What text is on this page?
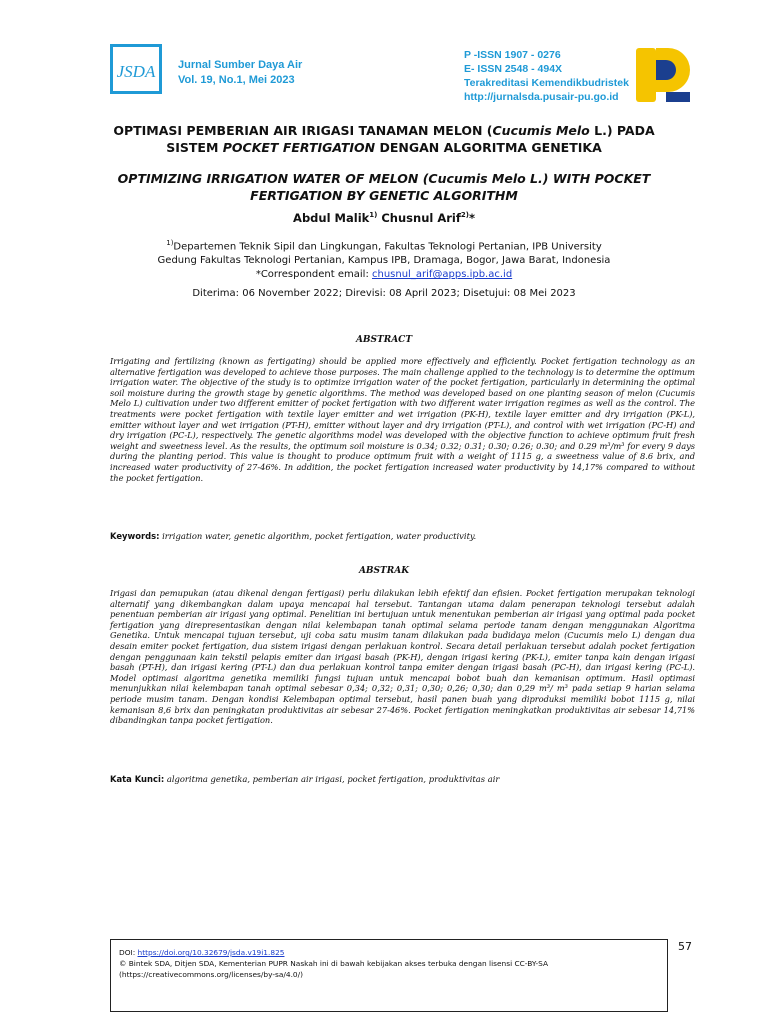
JSDA Jurnal Sumber Daya Air
Vol. 19, No.1, Mei 2023
P -ISSN 1907 - 0276
E- ISSN 2548 - 494X
Terakreditasi Kemendikbudristek
http://jurnalsda.pusair-pu.go.id
OPTIMASI PEMBERIAN AIR IRIGASI TANAMAN MELON (Cucumis Melo L.) PADA
SISTEM POCKET FERTIGATION DENGAN ALGORITMA GENETIKA
OPTIMIZING IRRIGATION WATER OF MELON (Cucumis Melo L.) WITH POCKET
FERTIGATION BY GENETIC ALGORITHM
Abdul Malik$^{1)}$ Chusnul Arif$^{2)}$*
$^{1)}$Departemen Teknik Sipil dan Lingkungan, Fakultas Teknologi Pertanian, IPB University
Gedung Fakultas Teknologi Pertanian, Kampus IPB, Dramaga, Bogor, Jawa Barat, Indonesia
*Correspondent email: chusnul_arif@apps.ipb.ac.id
Diterima: 06 November 2022; Direvisi: 08 April 2023; Disetujui: 08 Mei 2023
ABSTRACT
Irrigating and fertilizing (known as fertigating) should be applied more effectively and efficiently. Pocket fertigation technology as an alternative fertigation was developed to achieve those purposes. The main challenge applied to the technology is to determine the optimum irrigation water. The objective of the study is to optimize irrigation water of the pocket fertigation, particularly in determining the optimal soil moisture during the growth stage by genetic algorithms. The method was developed based on one planting season of melon (Cucumis Melo L) cultivation under two different emitter of pocket fertigation with two different water irrigation regimes as well as the control. The treatments were pocket fertigation with textile layer emitter and wet irrigation (PK-H), textile layer emitter and dry irrigation (PK-L), emitter without layer and wet irrigation (PT-H), emitter without layer and dry irrigation (PT-L), and control with wet irrigation (PC-H) and dry irrigation (PC-L), respectively. The genetic algorithms model was developed with the objective function to achieve optimum fruit fresh weight and sweetness level. As the results, the optimum soil moisture is 0.34; 0.32; 0.31; 0.30; 0.26; 0.30; and 0.29 m³/m³ for every 9 days during the planting period. This value is thought to produce optimum fruit with a weight of 1115 g, a sweetness value of 8.6 brix, and increased water productivity of 27-46%. In addition, the pocket fertigation increased water productivity by 14,17% compared to without the pocket fertigation.
Keywords: irrigation water, genetic algorithm, pocket fertigation, water productivity.
ABSTRAK
Irigasi dan pemupukan (atau dikenal dengan fertigasi) perlu dilakukan lebih efektif dan efisien. Pocket fertigation merupakan teknologi alternatif yang dikembangkan dalam upaya mencapai hal tersebut. Tantangan utama dalam penerapan teknologi tersebut adalah penentuan pemberian air irigasi yang optimal. Penelitian ini bertujuan untuk menentukan pemberian air irigasi yang optimal pada pocket fertigation yang direpresentasikan dengan nilai kelembapan tanah optimal selama periode tanam dengan menggunakan Algoritma Genetika. Untuk mencapai tujuan tersebut, uji coba satu musim tanam dilakukan pada budidaya melon (Cucumis melo L) dengan dua desain emiter pocket fertigation, dua sistem irigasi dengan perlakuan kontrol. Secara detail perlakuan tersebut adalah pocket fertigation dengan penggunaan kain tekstil pelapis emiter dan irigasi basah (PK-H), dengan irigasi kering (PK-L), emiter tanpa kain dengan irigasi basah (PT-H), dan irigasi kering (PT-L) dan dua perlakuan kontrol tanpa emiter dengan irigasi basah (PC-H), dan irigasi kering (PC-L). Model optimasi algoritma genetika memiliki fungsi tujuan untuk mencapai bobot buah dan kemanisan optimum. Hasil optimasi menunjukkan nilai kelembapan tanah optimal sebesar 0,34; 0,32; 0,31; 0,30; 0,26; 0,30; dan 0,29 m³/ m³ pada setiap 9 harian selama periode musim tanam. Dengan kondisi Kelembapan optimal tersebut, hasil panen buah yang diproduksi memiliki bobot 1115 g, nilai kemanisan 8,6 brix dan peningkatan produktivitas air sebesar 27-46%. Pocket fertigation meningkatkan produktivitas air sebesar 14,71% dibandingkan tanpa pocket fertigation.
Kata Kunci: algoritma genetika, pemberian air irigasi, pocket fertigation, produktivitas air
DOI: https://doi.org/10.32679/jsda.v19i1.825
© Bintek SDA, Ditjen SDA, Kementerian PUPR Naskah ini di bawah kebijakan akses terbuka dengan lisensi CC-BY-SA
(https://creativecommons.org/licenses/by-sa/4.0/)
57
